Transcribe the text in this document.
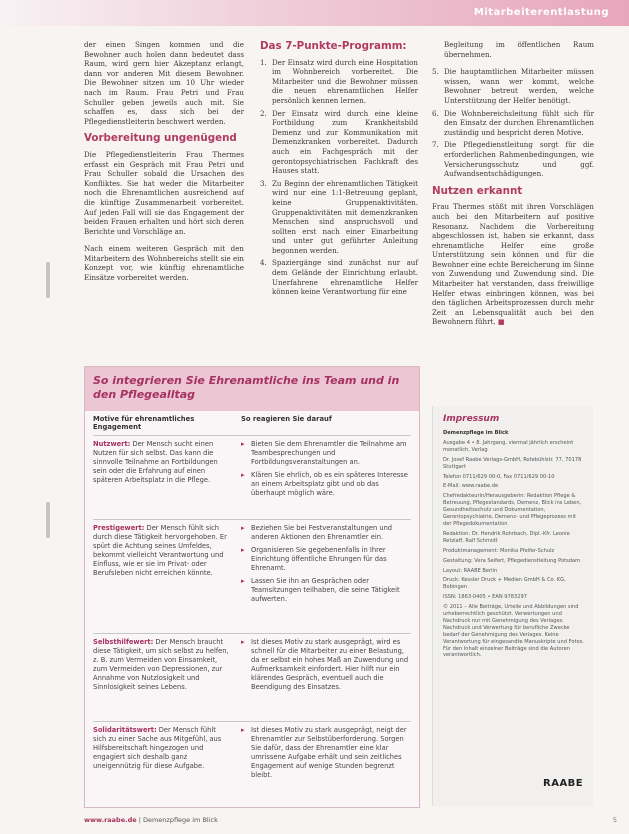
Mitarbeiterentlastung

der einen Singen kommen und die Bewohner auch holen dann bedeutet dass Raum, wird gern hier Akzeptanz erlangt, dann vor anderen Mit diesem Bewohner. Die Bewohner sitzen um 10 Uhr wieder nach im Raum. Frau Petri und Frau Schuller geben jeweils auch mit. Sie schaffen es, dass sich bei der Pflegedienstleiterin beschwert werden.

Vorbereitung ungenügend

Die Pflegedienstleiterin Frau Thermes erfasst ein Gespräch mit Frau Petri und Frau Schuller sobald die Ursachen des Konfliktes. Sie hat weder die Mitarbeiter noch die Ehrenamtlichen ausreichend auf die künftige Zusammenarbeit vorbereitet. Auf jeden Fall will sie das Engagement der beiden Frauen erhalten und hört sich deren Berichte und Vorschläge an.

Nach einem weiteren Gespräch mit den Mitarbeitern des Wohnbereichs stellt sie ein Konzept vor, wie künftig ehrenamtliche Einsätze vorbereitet werden.

Das 7-Punkte-Programm:
1. Der Einsatz wird durch eine Hospitation im Wohnbereich vorbereitet. Die Mitarbeiter und die Bewohner müssen die neuen ehrenamtlichen Helfer persönlich kennen lernen.
2. Der Einsatz wird durch eine kleine Fortbildung zum Krankheitsbild Demenz und zur Kommunikation mit Demenzkranken vorbereitet. Dadurch auch ein Fachgespräch mit der gerontopsychiatrischen Fachkraft des Hauses statt.
3. Zu Beginn der ehrenamtlichen Tätigkeit wird nur eine 1:1-Betreuung geplant, keine Gruppenaktivitäten. Gruppenaktivitäten mit demenzkranken Menschen sind anspruchsvoll und sollten erst nach einer Einarbeitung und unter gut geführter Anleitung begonnen werden.
4. Spaziergänge sind zunächst nur auf dem Gelände der Einrichtung erlaubt. Unerfahrene ehrenamtliche Helfer können keine Verantwortung für eine

Begleitung im öffentlichen Raum übernehmen.

5. Die hauptamtlichen Mitarbeiter müssen wissen, wann wer kommt, welche Bewohner betreut werden, welche Unterstützung der Helfer benötigt.
6. Die Wohnbereichsleitung fühlt sich für den Einsatz der durchen Ehrenamtlichen zuständig und bespricht deren Motive.
7. Die Pflegedienstleitung sorgt für die erforderlichen Rahmenbedingungen, wie Versicherungsschutz und ggf. Aufwandsentschädigungen.
Nutzen erkannt

Frau Thermes stößt mit ihren Vorschlägen auch bei den Mitarbeitern auf positive Resonanz. Nachdem die Vorbereitung abgeschlossen ist, haben sie erkannt, dass ehrenamtliche Helfer eine große Unterstützung sein können und für die Bewohner eine echte Bereicherung im Sinne von Zuwendung und Zuwendung sind. Die Mitarbeiter hat verstanden, dass freiwillige Helfer etwas einbringen können, was bei den täglichen Arbeitsprozessen durch mehr Zeit an Lebensqualität auch bei den Bewohnern führt. ■

So integrieren Sie Ehrenamtliche ins Team und in den Pflegealltag
Motive für ehrenamtliches Engagement
So reagieren Sie darauf
Nutzwert: Der Mensch sucht einen Nutzen für sich selbst. Das kann die sinnvolle Teilnahme an Fortbildungen sein oder die Erfahrung auf einen späteren Arbeitsplatz in die Pflege.
▸ Bieten Sie dem Ehrenamtler die Teilnahme am Teambesprechungen und Fortbildungsveranstaltungen an.
▸ Klären Sie ehrlich, ob es ein späteres Interesse an einem Arbeitsplatz gibt und ob das überhaupt möglich wäre.
Prestigewert: Der Mensch fühlt sich durch diese Tätigkeit hervorgehoben. Er spürt die Achtung seines Umfeldes, bekommt vielleicht Verantwortung und Einfluss, wie er sie im Privat- oder Berufsleben nicht erreichen könnte.
▸ Beziehen Sie bei Festveranstaltungen und anderen Aktionen den Ehrenamtler ein.
▸ Organisieren Sie gegebenenfalls in Ihrer Einrichtung öffentliche Ehrungen für das Ehrenamt.
▸ Lassen Sie ihn an Gesprächen oder Teamsitzungen teilhaben, die seine Tätigkeit aufwerten.
Selbsthilfewert: Der Mensch braucht diese Tätigkeit, um sich selbst zu helfen, z. B. zum Vermeiden von Einsamkeit, zum Vermeiden von Depressionen, zur Annahme von Nutzlosigkeit und Sinnlosigkeit seines Lebens.
▸ Ist dieses Motiv zu stark ausgeprägt, wird es schnell für die Mitarbeiter zu einer Belastung, da er selbst ein hohes Maß an Zuwendung und Aufmerksamkeit einfordert. Hier hilft nur ein klärendes Gespräch, eventuell auch die Beendigung des Einsatzes.
Solidaritätswert: Der Mensch fühlt sich zu einer Sache aus Mitgefühl, aus Hilfsbereitschaft hingezogen und engagiert sich deshalb ganz uneigennützig für diese Aufgabe.
▸ Ist dieses Motiv zu stark ausgeprägt, neigt der Ehrenamtler zur Selbstüberforderung. Sorgen Sie dafür, dass der Ehrenamtler eine klar umrissene Aufgabe erhält und sein zeitliches Engagement auf wenige Stunden begrenzt bleibt.
Impressum

Demenzpflege im Blick

Ausgabe 4 • 8. Jahrgang, viermal jährlich erscheint monatlich, Verlag

Dr. Josef Raabe Verlags-GmbH, Rotebühlstr. 77, 70178 Stuttgart

Telefon 0711/629 00-0, Fax 0711/629 00-10

E-Mail: www.raabe.de

Chefredakteurin/Herausgeberin: Redaktion Pflege & Betreuung, Pflegestandards, Demenz, Blick ins Leben, Gesundheitsschutz und Dokumentation, Gerontopsychiatrie, Demenz- und Pflegeprozess mit der Pflegedokumentation

Redaktion: Dr. Hendrik Rohrbach, Dipl.-Kfr. Leonie Retzlaff, Ralf Schmidt

Produktmanagement: Monika Pfeifer-Schulz

Gestaltung: Vera Seifert, Pflegedienstleitung Potsdam

Layout: RAABE Berlin

Druck: Kessler Druck + Medien GmbH & Co. KG, Bobingen

ISSN: 1863-0405 • EAN 9783297

© 2011 – Alle Beiträge, Urteile und Abbildungen sind urheberrechtlich geschützt. Verwertungen und Nachdruck nur mit Genehmigung des Verlages. Nachdruck und Verwertung für berufliche Zwecke bedarf der Genehmigung des Verlages. Keine Verantwortung für eingesandte Manuskripte und Fotos. Für den Inhalt einzelner Beiträge sind die Autoren verantwortlich.

RAABE
www.raabe.de | Demenzpflege im Blick	5
